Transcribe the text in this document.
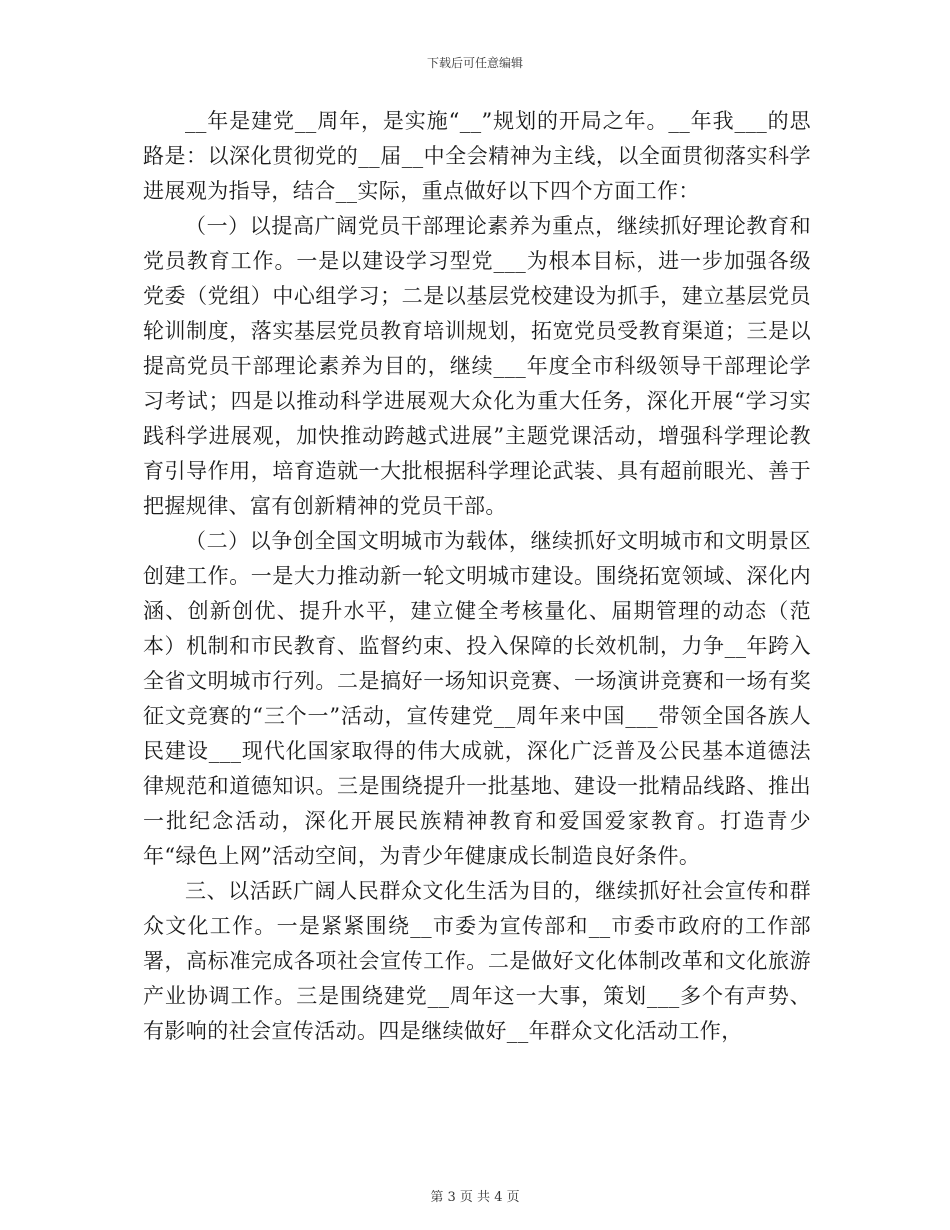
下载后可任意编辑

__年是建党__周年，是实施“__”规划的开局之年。__年我___的思路是：以深化贯彻党的__届__中全会精神为主线，以全面贯彻落实科学进展观为指导，结合__实际，重点做好以下四个方面工作：

（一）以提高广阔党员干部理论素养为重点，继续抓好理论教育和党员教育工作。一是以建设学习型党___为根本目标，进一步加强各级党委（党组）中心组学习；二是以基层党校建设为抓手，建立基层党员轮训制度，落实基层党员教育培训规划，拓宽党员受教育渠道；三是以提高党员干部理论素养为目的，继续___年度全市科级领导干部理论学习考试；四是以推动科学进展观大众化为重大任务，深化开展“学习实践科学进展观，加快推动跨越式进展”主题党课活动，增强科学理论教育引导作用，培育造就一大批根据科学理论武装、具有超前眼光、善于把握规律、富有创新精神的党员干部。

（二）以争创全国文明城市为载体，继续抓好文明城市和文明景区创建工作。一是大力推动新一轮文明城市建设。围绕拓宽领域、深化内涵、创新创优、提升水平，建立健全考核量化、届期管理的动态（范本）机制和市民教育、监督约束、投入保障的长效机制，力争__年跨入全省文明城市行列。二是搞好一场知识竞赛、一场演讲竞赛和一场有奖征文竞赛的“三个一”活动，宣传建党__周年来中国___带领全国各族人民建设___现代化国家取得的伟大成就，深化广泛普及公民基本道德法律规范和道德知识。三是围绕提升一批基地、建设一批精品线路、推出一批纪念活动，深化开展民族精神教育和爱国爱家教育。打造青少年“绿色上网”活动空间，为青少年健康成长制造良好条件。

三、以活跃广阔人民群众文化生活为目的，继续抓好社会宣传和群众文化工作。一是紧紧围绕__市委为宣传部和__市委市政府的工作部署，高标准完成各项社会宣传工作。二是做好文化体制改革和文化旅游产业协调工作。三是围绕建党__周年这一大事，策划___多个有声势、有影响的社会宣传活动。四是继续做好__年群众文化活动工作，

第 3 页 共 4 页
